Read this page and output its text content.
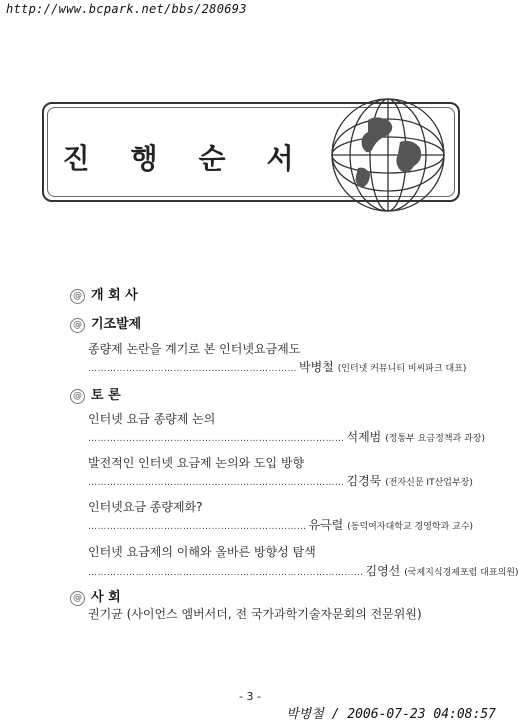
http://www.bcpark.net/bbs/280693
진	행	순	서
@ 개 회 사
@ 기조발제
종량제 논란을 계기로 본 인터넷요금제도
………………………………………………………… 박병철 (인터넷 커뮤니티 비씨파크 대표)
@ 토 론
인터넷 요금 종량제 논의
……………………………………………………………………… 석제범 (정통부 요금정책과 과장)
발전적인 인터넷 요금제 논의와 도입 방향
……………………………………………………………………… 김경묵 (전자신문 IT산업부장)
인터넷요금 종량제화?
…………………………………………………………… 유극렬 (동덕여자대학교 경영학과 교수)
인터넷 요금제의 이해와 올바른 방향성 탐색
…………………………………………………………………………… 김영선 (국제지식경제포럼 대표의원)
@ 사 회
권기균 (사이언스 엠버서더, 전 국가과학기술자문회의 전문위원)
- 3 -
박병철 / 2006-07-23 04:08:57
